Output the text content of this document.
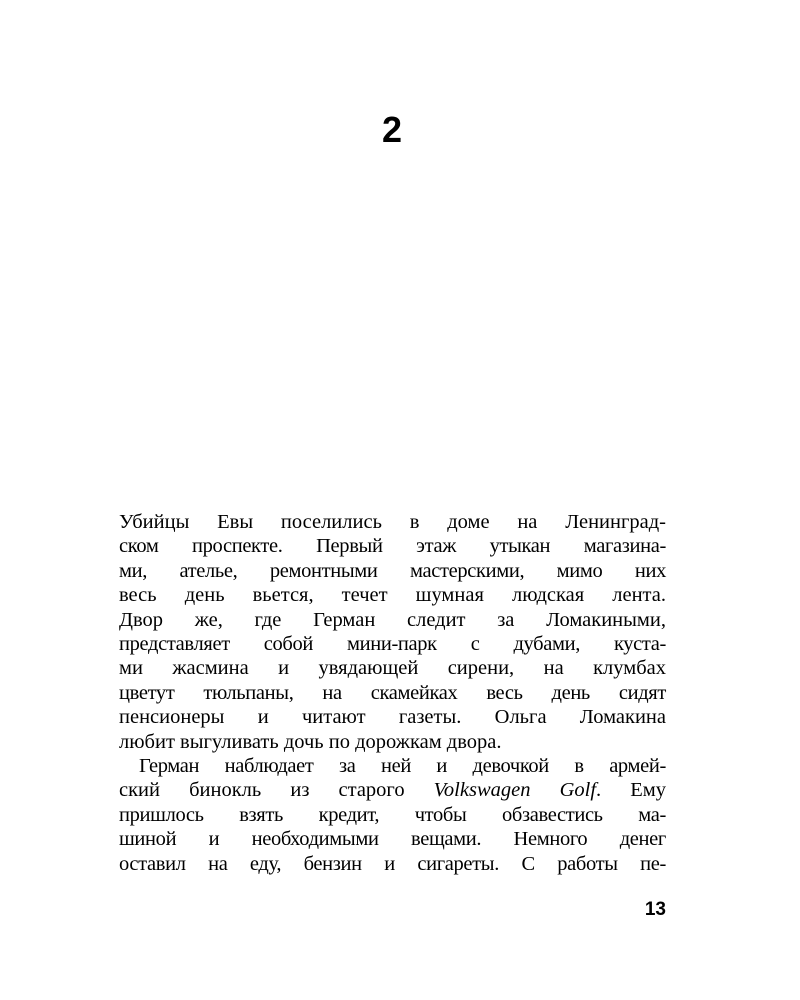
2
Убийцы Евы поселились в доме на Ленинград-
ском проспекте. Первый этаж утыкан магазина-
ми, ателье, ремонтными мастерскими, мимо них
весь день вьется, течет шумная людская лента.
Двор же, где Герман следит за Ломакиными,
представляет собой мини-парк с дубами, куста-
ми жасмина и увядающей сирени, на клумбах
цветут тюльпаны, на скамейках весь день сидят
пенсионеры и читают газеты. Ольга Ломакина
любит выгуливать дочь по дорожкам двора.
Герман наблюдает за ней и девочкой в армей-
ский бинокль из старого Volkswagen Golf. Ему
пришлось взять кредит, чтобы обзавестись ма-
шиной и необходимыми вещами. Немного денег
оставил на еду, бензин и сигареты. С работы пе-
13
